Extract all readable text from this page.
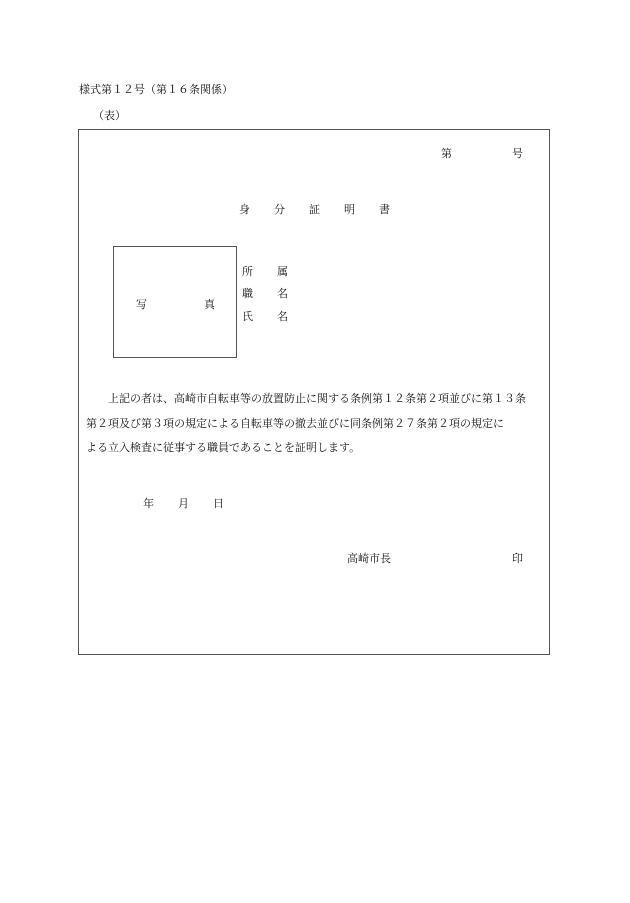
様式第１２号（第１６条関係）
（表）
第	号
身 分 証 明 書
写	真
所 属
職 名
氏 名
上記の者は、高崎市自転車等の放置防止に関する条例第１２条第２項並びに第１３条
第２項及び第３項の規定による自転車等の撤去並びに同条例第２７条第２項の規定に
よる立入検査に従事する職員であることを証明します。
年 月 日
高崎市長	印
